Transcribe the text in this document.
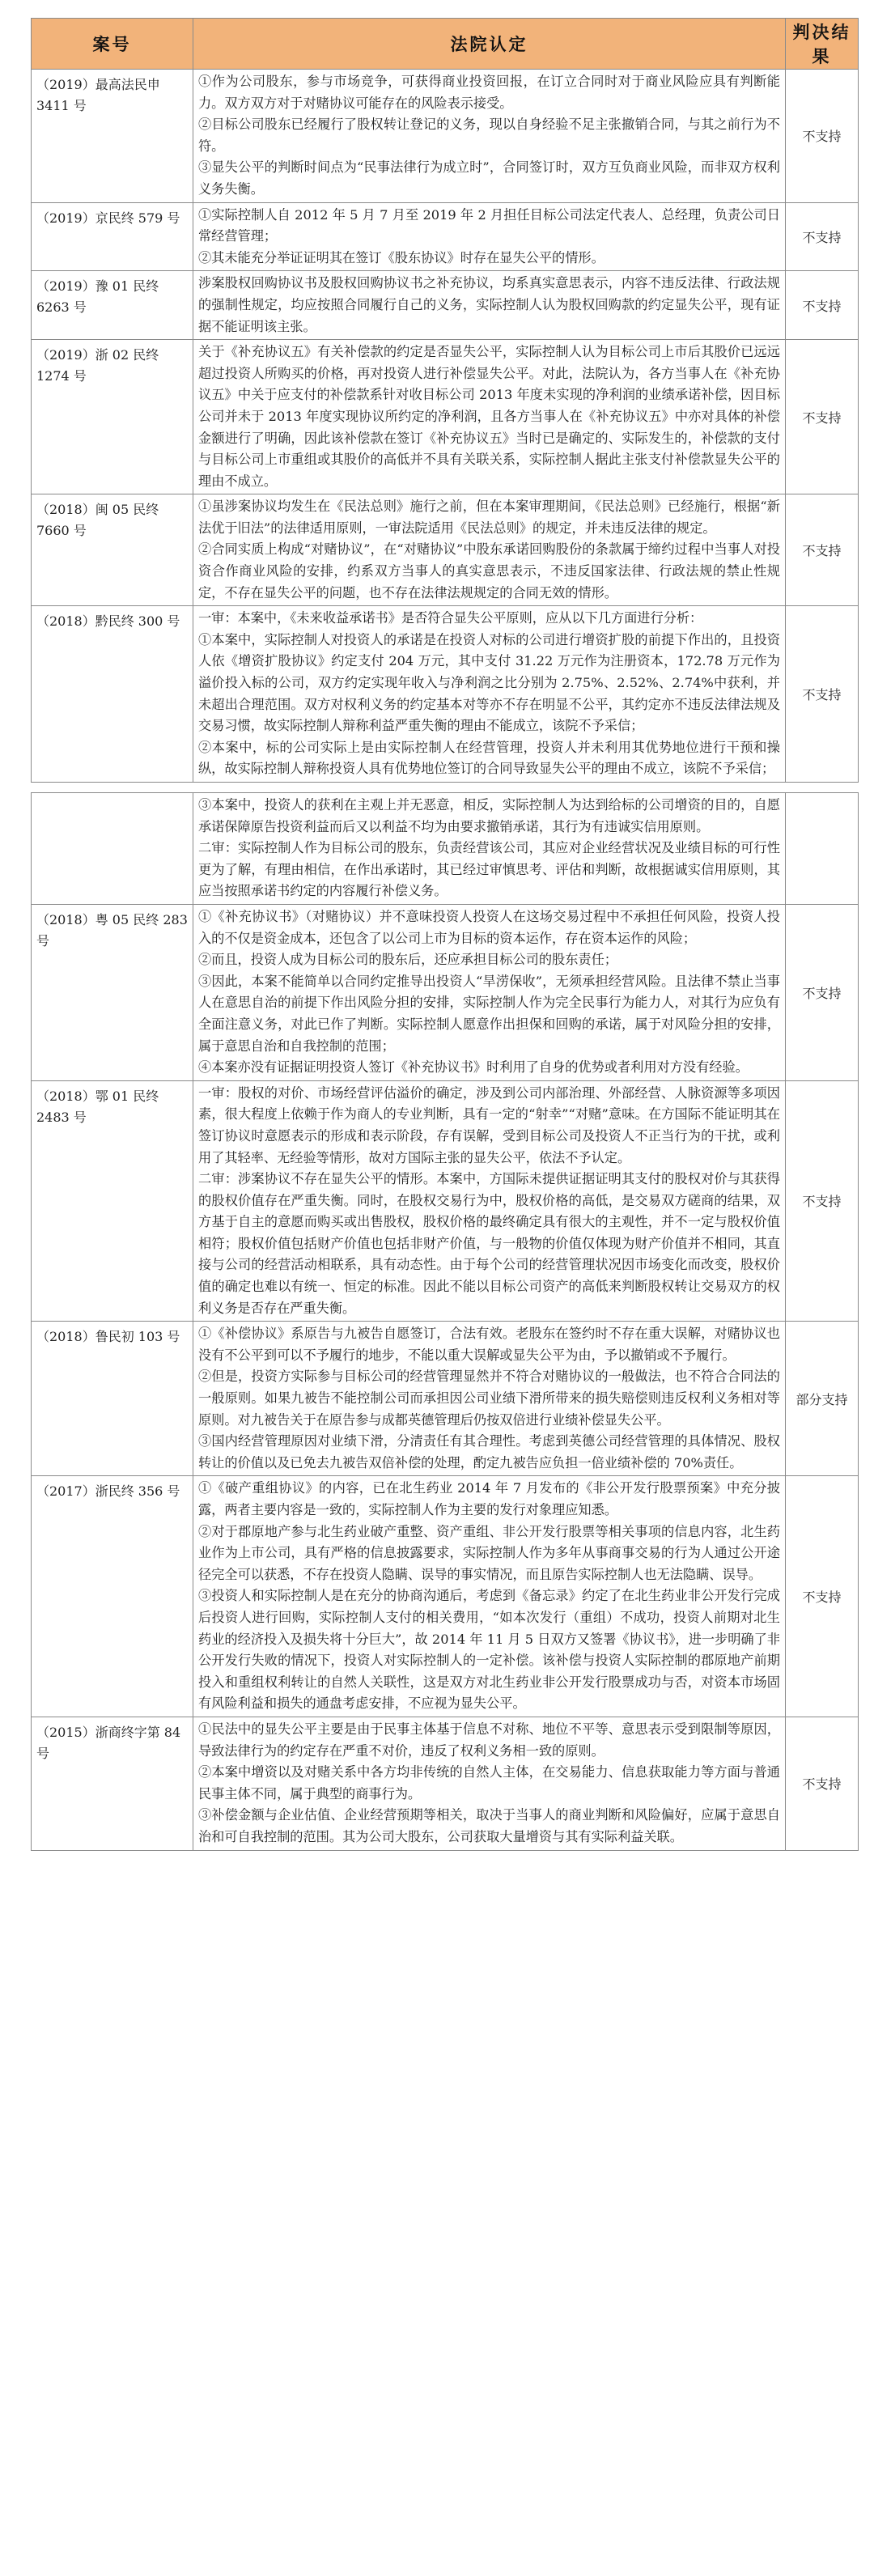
案号	法院认定	判决结果
（2019）最高法民申 3411 号	①作为公司股东，参与市场竞争，可获得商业投资回报，在订立合同时对于商业风险应具有判断能力。双方双方对于对赌协议可能存在的风险表示接受。

②目标公司股东已经履行了股权转让登记的义务，现以自身经验不足主张撤销合同，与其之前行为不符。

③显失公平的判断时间点为“民事法律行为成立时”，合同签订时，双方互负商业风险，而非双方权利义务失衡。	不支持
（2019）京民终 579 号	①实际控制人自 2012 年 5 月 7 月至 2019 年 2 月担任目标公司法定代表人、总经理，负责公司日常经营管理；

②其未能充分举证证明其在签订《股东协议》时存在显失公平的情形。	不支持
（2019）豫 01 民终 6263 号	涉案股权回购协议书及股权回购协议书之补充协议，均系真实意思表示，内容不违反法律、行政法规的强制性规定，均应按照合同履行自己的义务，实际控制人认为股权回购款的约定显失公平，现有证据不能证明该主张。	不支持
（2019）浙 02 民终 1274 号	关于《补充协议五》有关补偿款的约定是否显失公平，实际控制人认为目标公司上市后其股价已远远超过投资人所购买的价格，再对投资人进行补偿显失公平。对此，法院认为，各方当事人在《补充协议五》中关于应支付的补偿款系针对收目标公司 2013 年度未实现的净利润的业绩承诺补偿，因目标公司并未于 2013 年度实现协议所约定的净利润，且各方当事人在《补充协议五》中亦对具体的补偿金额进行了明确，因此该补偿款在签订《补充协议五》当时已是确定的、实际发生的，补偿款的支付与目标公司上市重组或其股价的高低并不具有关联关系，实际控制人据此主张支付补偿款显失公平的理由不成立。	不支持
（2018）闽 05 民终 7660 号	①虽涉案协议均发生在《民法总则》施行之前，但在本案审理期间，《民法总则》已经施行，根据“新法优于旧法”的法律适用原则，一审法院适用《民法总则》的规定，并未违反法律的规定。

②合同实质上构成“对赌协议”，在“对赌协议”中股东承诺回购股份的条款属于缔约过程中当事人对投资合作商业风险的安排，约系双方当事人的真实意思表示，不违反国家法律、行政法规的禁止性规定，不存在显失公平的问题，也不存在法律法规规定的合同无效的情形。	不支持
（2018）黔民终 300 号	一审：本案中，《未来收益承诺书》是否符合显失公平原则，应从以下几方面进行分析：

①本案中，实际控制人对投资人的承诺是在投资人对标的公司进行增资扩股的前提下作出的，且投资人依《增资扩股协议》约定支付 204 万元，其中支付 31.22 万元作为注册资本，172.78 万元作为溢价投入标的公司，双方约定实现年收入与净利润之比分别为 2.75%、2.52%、2.74%中获利，并未超出合理范围。双方对权利义务的约定基本对等亦不存在明显不公平，其约定亦不违反法律法规及交易习惯，故实际控制人辩称利益严重失衡的理由不能成立，该院不予采信；

②本案中，标的公司实际上是由实际控制人在经营管理，投资人并未利用其优势地位进行干预和操纵，故实际控制人辩称投资人具有优势地位签订的合同导致显失公平的理由不成立，该院不予采信；	不支持

	③本案中，投资人的获利在主观上并无恶意，相反，实际控制人为达到给标的公司增资的目的，自愿承诺保障原告投资利益而后又以利益不均为由要求撤销承诺，其行为有违诚实信用原则。

二审：实际控制人作为目标公司的股东，负责经营该公司，其应对企业经营状况及业绩目标的可行性更为了解，有理由相信，在作出承诺时，其已经过审慎思考、评估和判断，故根据诚实信用原则，其应当按照承诺书约定的内容履行补偿义务。	

（2018）粤 05 民终 283 号	①《补充协议书》（对赌协议）并不意味投资人投资人在这场交易过程中不承担任何风险，投资人投入的不仅是资金成本，还包含了以公司上市为目标的资本运作，存在资本运作的风险；

②而且，投资人成为目标公司的股东后，还应承担目标公司的股东责任；

③因此，本案不能简单以合同约定推导出投资人“旱涝保收”，无须承担经营风险。且法律不禁止当事人在意思自治的前提下作出风险分担的安排，实际控制人作为完全民事行为能力人，对其行为应负有全面注意义务，对此已作了判断。实际控制人愿意作出担保和回购的承诺，属于对风险分担的安排，属于意思自治和自我控制的范围；

④本案亦没有证据证明投资人签订《补充协议书》时利用了自身的优势或者利用对方没有经验。	不支持
（2018）鄂 01 民终 2483 号	一审：股权的对价、市场经营评估溢价的确定，涉及到公司内部治理、外部经营、人脉资源等多项因素，很大程度上依赖于作为商人的专业判断，具有一定的“射幸”“对赌”意味。在方国际不能证明其在签订协议时意愿表示的形成和表示阶段，存有误解，受到目标公司及投资人不正当行为的干扰，或利用了其轻率、无经验等情形，故对方国际主张的显失公平，依法不予认定。

二审：涉案协议不存在显失公平的情形。本案中，方国际未提供证据证明其支付的股权对价与其获得的股权价值存在严重失衡。同时，在股权交易行为中，股权价格的高低，是交易双方磋商的结果，双方基于自主的意愿而购买或出售股权，股权价格的最终确定具有很大的主观性，并不一定与股权价值相符；股权价值包括财产价值也包括非财产价值，与一般物的价值仅体现为财产价值并不相同，其直接与公司的经营活动相联系，具有动态性。由于每个公司的经营管理状况因市场变化而改变，股权价值的确定也难以有统一、恒定的标准。因此不能以目标公司资产的高低来判断股权转让交易双方的权利义务是否存在严重失衡。	不支持
（2018）鲁民初 103 号	①《补偿协议》系原告与九被告自愿签订，合法有效。老股东在签约时不存在重大误解，对赌协议也没有不公平到可以不予履行的地步，不能以重大误解或显失公平为由，予以撤销或不予履行。

②但是，投资方实际参与目标公司的经营管理显然并不符合对赌协议的一般做法，也不符合合同法的一般原则。如果九被告不能控制公司而承担因公司业绩下滑所带来的损失赔偿则违反权利义务相对等原则。对九被告关于在原告参与成都英德管理后仍按双倍进行业绩补偿显失公平。

③国内经营管理原因对业绩下滑，分清责任有其合理性。考虑到英德公司经营管理的具体情况、股权转让的价值以及已免去九被告双倍补偿的处理，酌定九被告应负担一倍业绩补偿的 70%责任。	部分支持
（2017）浙民终 356 号	①《破产重组协议》的内容，已在北生药业 2014 年 7 月发布的《非公开发行股票预案》中充分披露，两者主要内容是一致的，实际控制人作为主要的发行对象理应知悉。

②对于郡原地产参与北生药业破产重整、资产重组、非公开发行股票等相关事项的信息内容，北生药业作为上市公司，具有严格的信息披露要求，实际控制人作为多年从事商事交易的行为人通过公开途径完全可以获悉，不存在投资人隐瞒、误导的事实情况，而且原告实际控制人也无法隐瞒、误导。

③投资人和实际控制人是在充分的协商沟通后，考虑到《备忘录》约定了在北生药业非公开发行完成后投资人进行回购，实际控制人支付的相关费用，“如本次发行（重组）不成功，投资人前期对北生药业的经济投入及损失将十分巨大”，故 2014 年 11 月 5 日双方又签署《协议书》，进一步明确了非公开发行失败的情况下，投资人对实际控制人的一定补偿。该补偿与投资人实际控制的郡原地产前期投入和重组权利转让的自然人关联性，这是双方对北生药业非公开发行股票成功与否，对资本市场固有风险利益和损失的通盘考虑安排，不应视为显失公平。	不支持
（2015）浙商终字第 84 号	①民法中的显失公平主要是由于民事主体基于信息不对称、地位不平等、意思表示受到限制等原因，导致法律行为的约定存在严重不对价，违反了权利义务相一致的原则。

②本案中增资以及对赌关系中各方均非传统的自然人主体，在交易能力、信息获取能力等方面与普通民事主体不同，属于典型的商事行为。

③补偿金额与企业估值、企业经营预期等相关，取决于当事人的商业判断和风险偏好，应属于意思自治和可自我控制的范围。其为公司大股东，公司获取大量增资与其有实际利益关联。	不支持
